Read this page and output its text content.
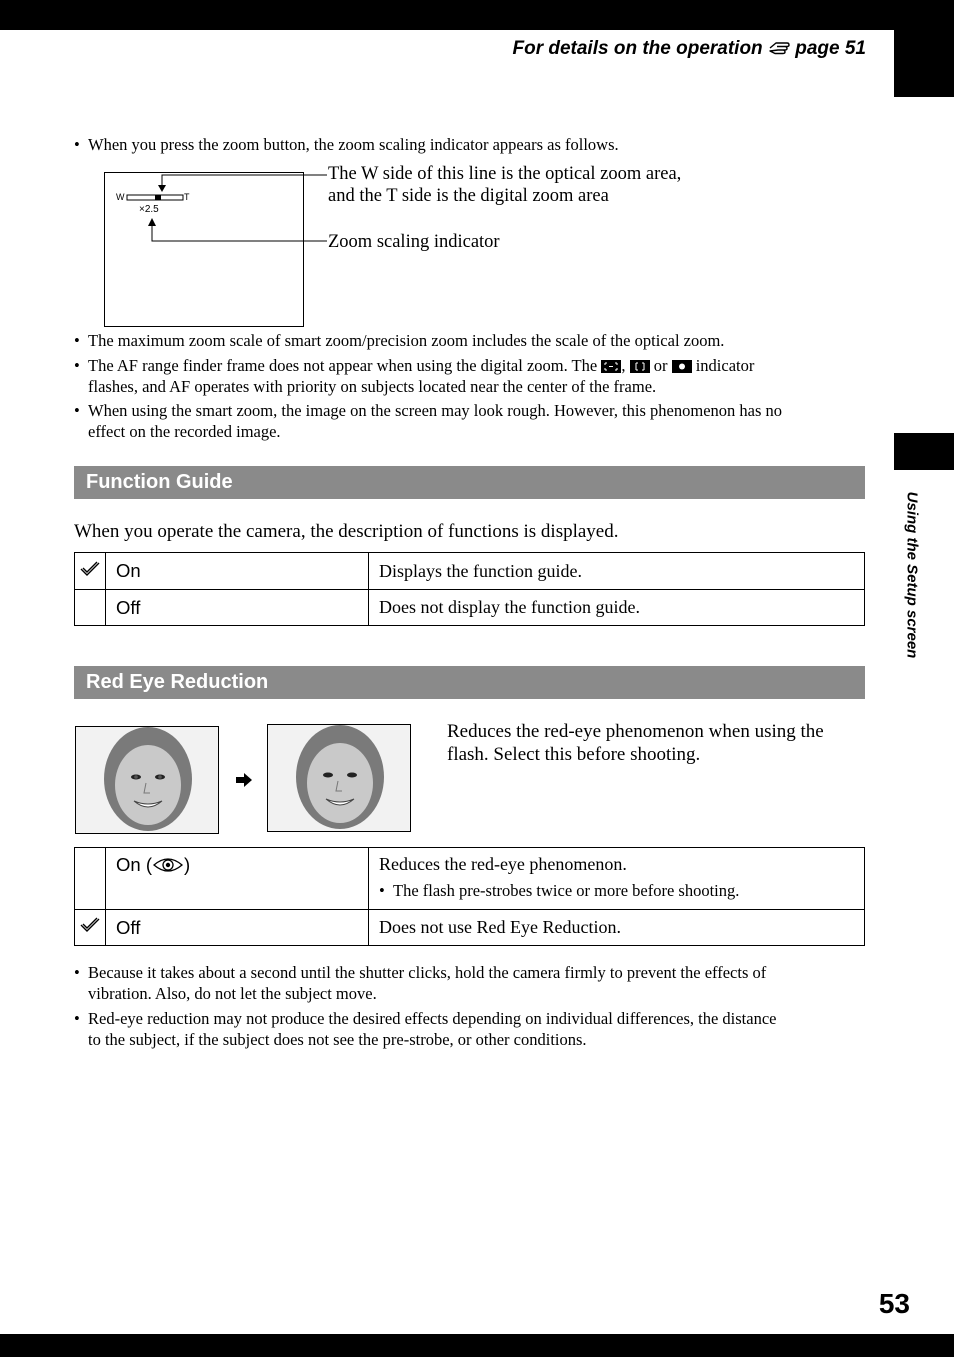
Using the Setup screen
For details on the operation page 51
• When you press the zoom button, the zoom scaling indicator appears as follows.
W	T
×2.5
The W side of this line is the optical zoom area,
and the T side is the digital zoom area
Zoom scaling indicator
• The maximum zoom scale of smart zoom/precision zoom includes the scale of the optical zoom.
• The AF range finder frame does not appear when using the digital zoom. The ,
or indicator
flashes, and AF operates with priority on subjects located near the center of the frame.
• When using the smart zoom, the image on the screen may look rough. However, this phenomenon has no
effect on the recorded image.
Function Guide
When you operate the camera, the description of functions is displayed.
	On	Displays the function guide.
	Off	Does not display the function guide.
Red Eye Reduction
Reduces the red-eye phenomenon when using the
flash. Select this before shooting.
	On ( )	Reduces the red-eye phenomenon.
• The flash pre-strobes twice or more before shooting.

	Off	Does not use Red Eye Reduction.
• Because it takes about a second until the shutter clicks, hold the camera firmly to prevent the effects of
vibration. Also, do not let the subject move.
• Red-eye reduction may not produce the desired effects depending on individual differences, the distance
to the subject, if the subject does not see the pre-strobe, or other conditions.
53
